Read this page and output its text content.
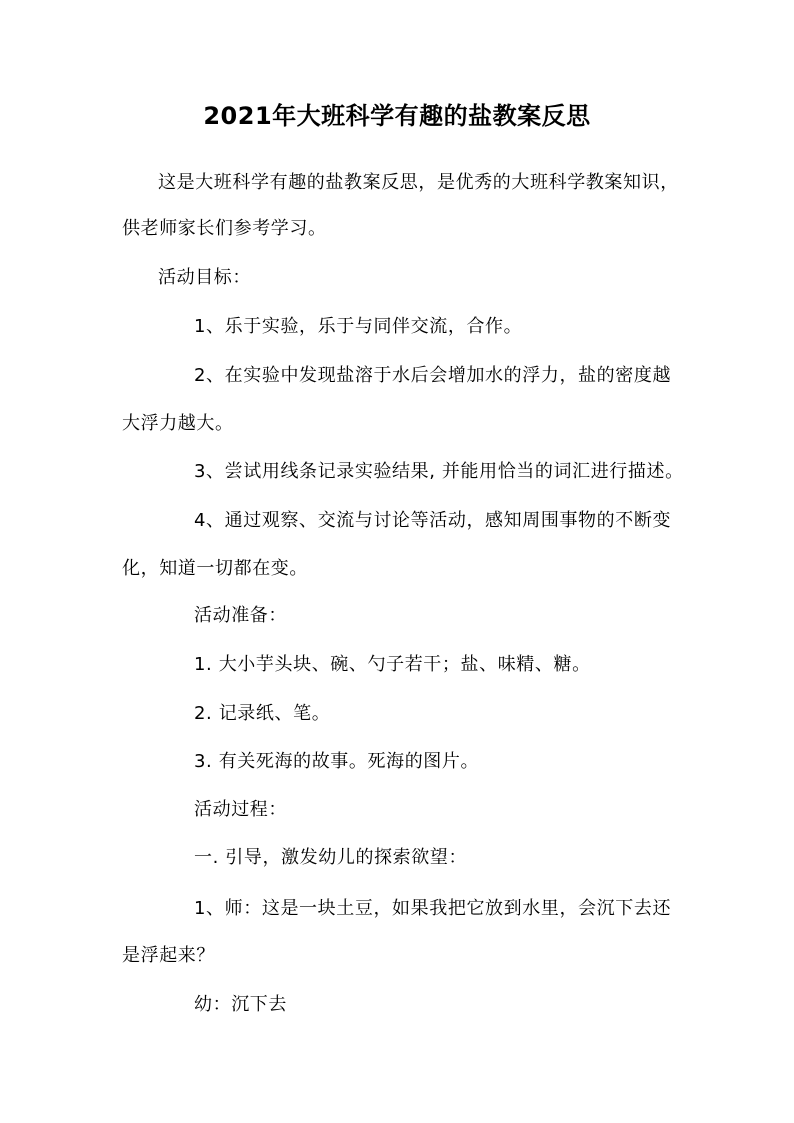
2021年大班科学有趣的盐教案反思
这是大班科学有趣的盐教案反思，是优秀的大班科学教案知识，
供老师家长们参考学习。
活动目标：
1、乐于实验，乐于与同伴交流，合作。
2、在实验中发现盐溶于水后会增加水的浮力，盐的密度越
大浮力越大。
3、尝试用线条记录实验结果, 并能用恰当的词汇进行描述。
4、通过观察、交流与讨论等活动，感知周围事物的不断变
化，知道一切都在变。
活动准备：
1. 大小芋头块、碗、勺子若干；盐、味精、糖。
2. 记录纸、笔。
3. 有关死海的故事。死海的图片。
活动过程：
一. 引导，激发幼儿的探索欲望：
1、师：这是一块土豆，如果我把它放到水里，会沉下去还
是浮起来？
幼：沉下去
